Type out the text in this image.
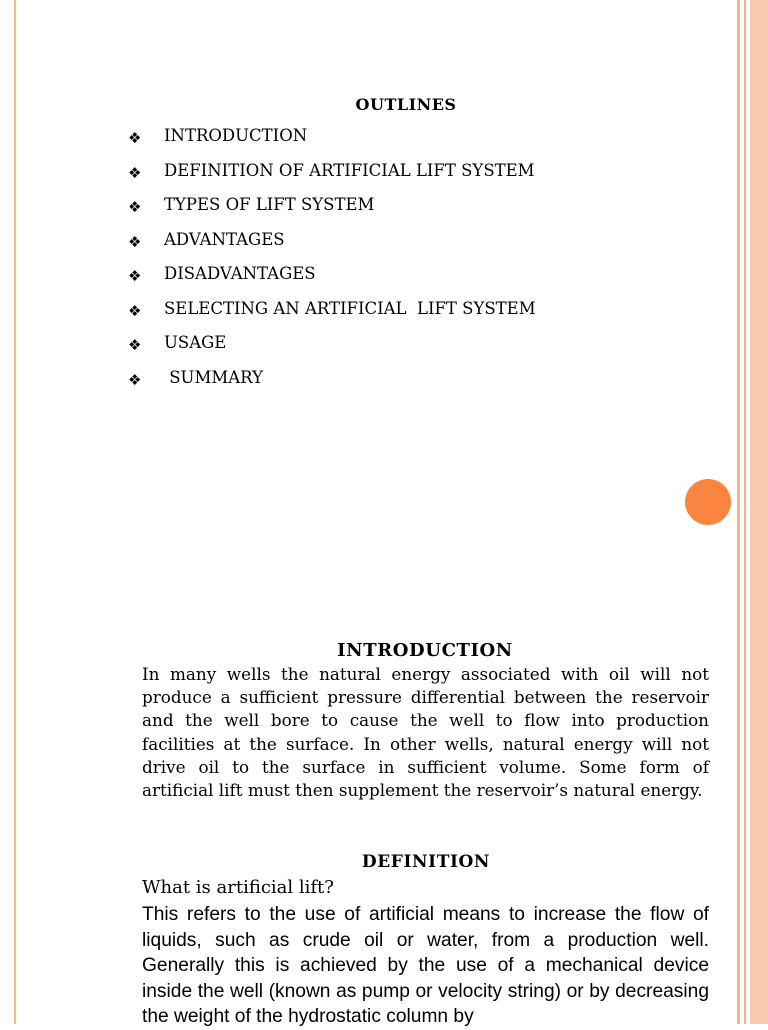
OUTLINES
❖ INTRODUCTION
❖ DEFINITION OF ARTIFICIAL LIFT SYSTEM
❖ TYPES OF LIFT SYSTEM
❖ ADVANTAGES
❖ DISADVANTAGES
❖ SELECTING AN ARTIFICIAL  LIFT SYSTEM
❖ USAGE
❖ SUMMARY
INTRODUCTION

In many wells the natural energy associated with oil will not produce a sufficient pressure differential between the reservoir and the well bore to cause the well to flow into production facilities at the surface. In other wells, natural energy will not drive oil to the surface in sufficient volume. Some form of artificial lift must then supplement the reservoir’s natural energy.

DEFINITION

What is artificial lift?

This refers to the use of artificial means to increase the flow of liquids, such as crude oil or water, from a production well. Generally this is achieved by the use of a mechanical device inside the well (known as pump or velocity string) or by decreasing the weight of the hydrostatic column by
